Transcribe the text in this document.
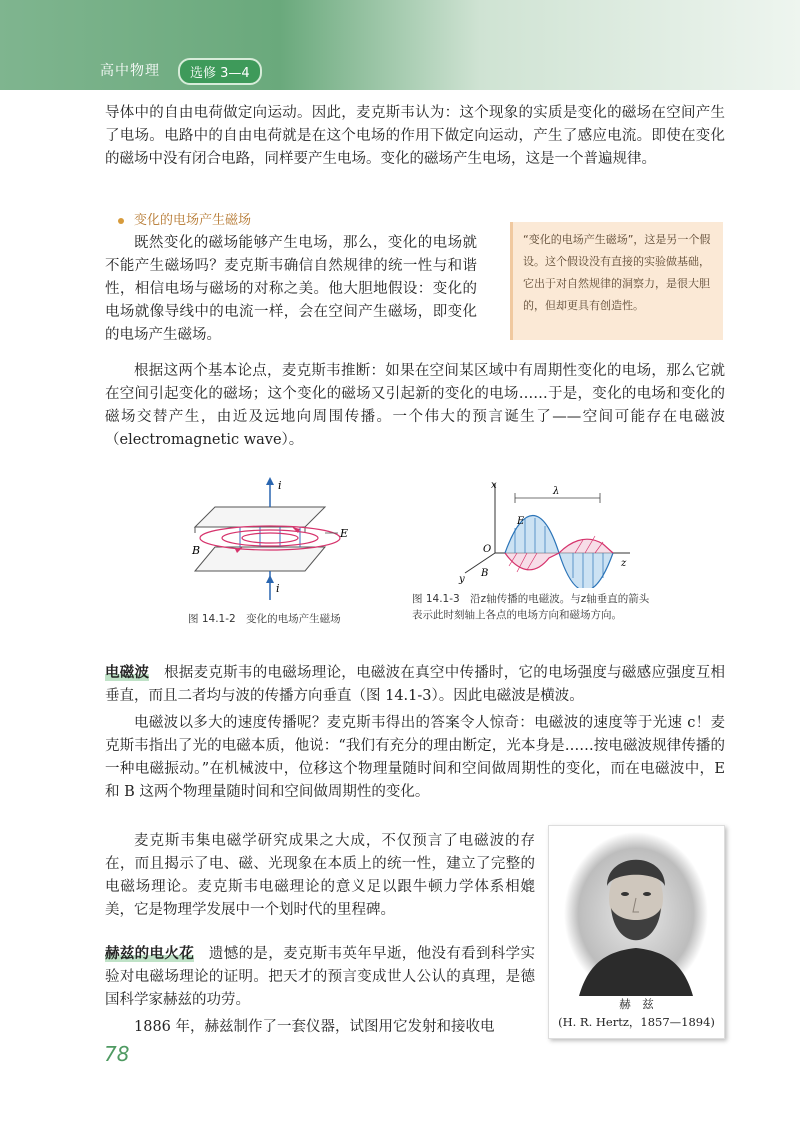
高中物理	选修 3—4

导体中的自由电荷做定向运动。因此，麦克斯韦认为：这个现象的实质是变化的磁场在空间产生了电场。电路中的自由电荷就是在这个电场的作用下做定向运动，产生了感应电流。即使在变化的磁场中没有闭合电路，同样要产生电场。变化的磁场产生电场，这是一个普遍规律。

变化的电场产生磁场

既然变化的磁场能够产生电场，那么，变化的电场就不能产生磁场吗？麦克斯韦确信自然规律的统一性与和谐性，相信电场与磁场的对称之美。他大胆地假设：变化的电场就像导线中的电流一样，会在空间产生磁场，即变化的电场产生磁场。

“变化的电场产生磁场”，这是另一个假设。这个假设没有直接的实验做基础，它出于对自然规律的洞察力，是很大胆的，但却更具有创造性。

根据这两个基本论点，麦克斯韦推断：如果在空间某区域中有周期性变化的电场，那么它就在空间引起变化的磁场；这个变化的磁场又引起新的变化的电场……于是，变化的电场和变化的磁场交替产生，由近及远地向周围传播。一个伟大的预言诞生了——空间可能存在电磁波（electromagnetic wave）。

i
E
B
i
图 14.1-2　变化的电场产生磁场
x
y
z
O
E
B
λ
图 14.1-3　沿z轴传播的电磁波。与z轴垂直的箭头
表示此时刻轴上各点的电场方向和磁场方向。

电磁波　 根据麦克斯韦的电磁场理论，电磁波在真空中传播时，它的电场强度与磁感应强度互相垂直，而且二者均与波的传播方向垂直（图 14.1-3）。因此电磁波是横波。

电磁波以多大的速度传播呢？麦克斯韦得出的答案令人惊奇：电磁波的速度等于光速 c！麦克斯韦指出了光的电磁本质，他说：“我们有充分的理由断定，光本身是……按电磁波规律传播的一种电磁振动。”在机械波中，位移这个物理量随时间和空间做周期性的变化，而在电磁波中，E 和 B 这两个物理量随时间和空间做周期性的变化。

麦克斯韦集电磁学研究成果之大成，不仅预言了电磁波的存在，而且揭示了电、磁、光现象在本质上的统一性，建立了完整的电磁场理论。麦克斯韦电磁理论的意义足以跟牛顿力学体系相媲美，它是物理学发展中一个划时代的里程碑。

赫　兹
(H. R. Hertz，1857—1894)

赫兹的电火花　 遗憾的是，麦克斯韦英年早逝，他没有看到科学实验对电磁场理论的证明。把天才的预言变成世人公认的真理，是德国科学家赫兹的功劳。

1886 年，赫兹制作了一套仪器，试图用它发射和接收电

78
